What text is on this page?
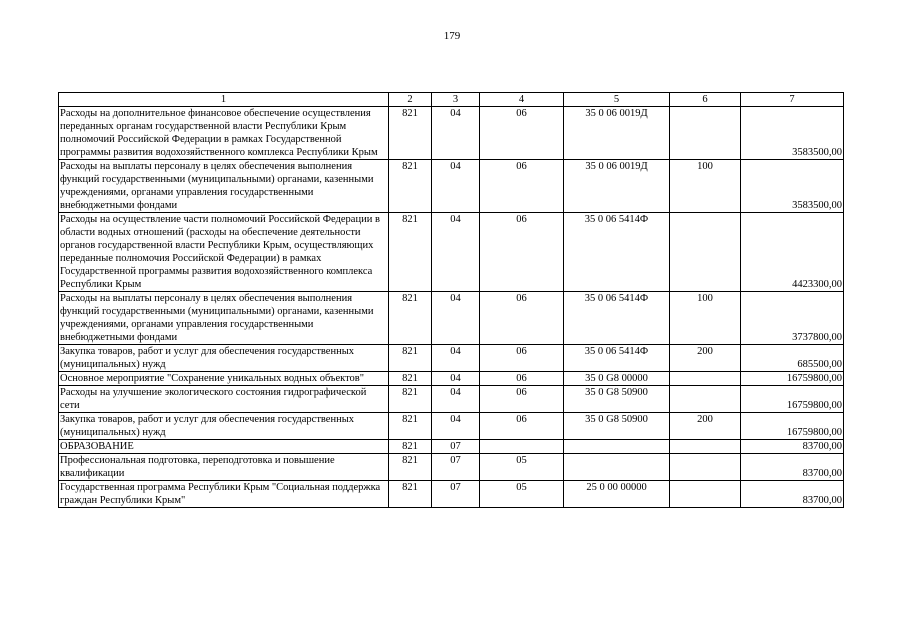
179
1	2	3	4	5	6	7
Расходы на дополнительное финансовое обеспечение осуществления переданных органам государственной власти Республики Крым полномочий Российской Федерации в рамках Государственной программы развития водохозяйственного комплекса Республики Крым	821	04	06	35 0 06 0019Д		3583500,00
Расходы на выплаты персоналу в целях обеспечения выполнения функций государственными (муниципальными) органами, казенными учреждениями, органами управления государственными внебюджетными фондами	821	04	06	35 0 06 0019Д	100	3583500,00
Расходы на осуществление части полномочий Российской Федерации в области водных отношений (расходы на обеспечение деятельности органов государственной власти Республики Крым, осуществляющих переданные полномочия Российской Федерации) в рамках Государственной программы развития водохозяйственного комплекса Республики Крым	821	04	06	35 0 06 5414Ф		4423300,00
Расходы на выплаты персоналу в целях обеспечения выполнения функций государственными (муниципальными) органами, казенными учреждениями, органами управления государственными внебюджетными фондами	821	04	06	35 0 06 5414Ф	100	3737800,00
Закупка товаров, работ и услуг для обеспечения государственных (муниципальных) нужд	821	04	06	35 0 06 5414Ф	200	685500,00
Основное мероприятие "Сохранение уникальных водных объектов"	821	04	06	35 0 G8 00000		16759800,00
Расходы на улучшение экологического состояния гидрографической сети	821	04	06	35 0 G8 50900		16759800,00
Закупка товаров, работ и услуг для обеспечения государственных (муниципальных) нужд	821	04	06	35 0 G8 50900	200	16759800,00
ОБРАЗОВАНИЕ	821	07				83700,00
Профессиональная подготовка, переподготовка и повышение квалификации	821	07	05			83700,00
Государственная программа Республики Крым "Социальная поддержка граждан Республики Крым"	821	07	05	25 0 00 00000		83700,00
